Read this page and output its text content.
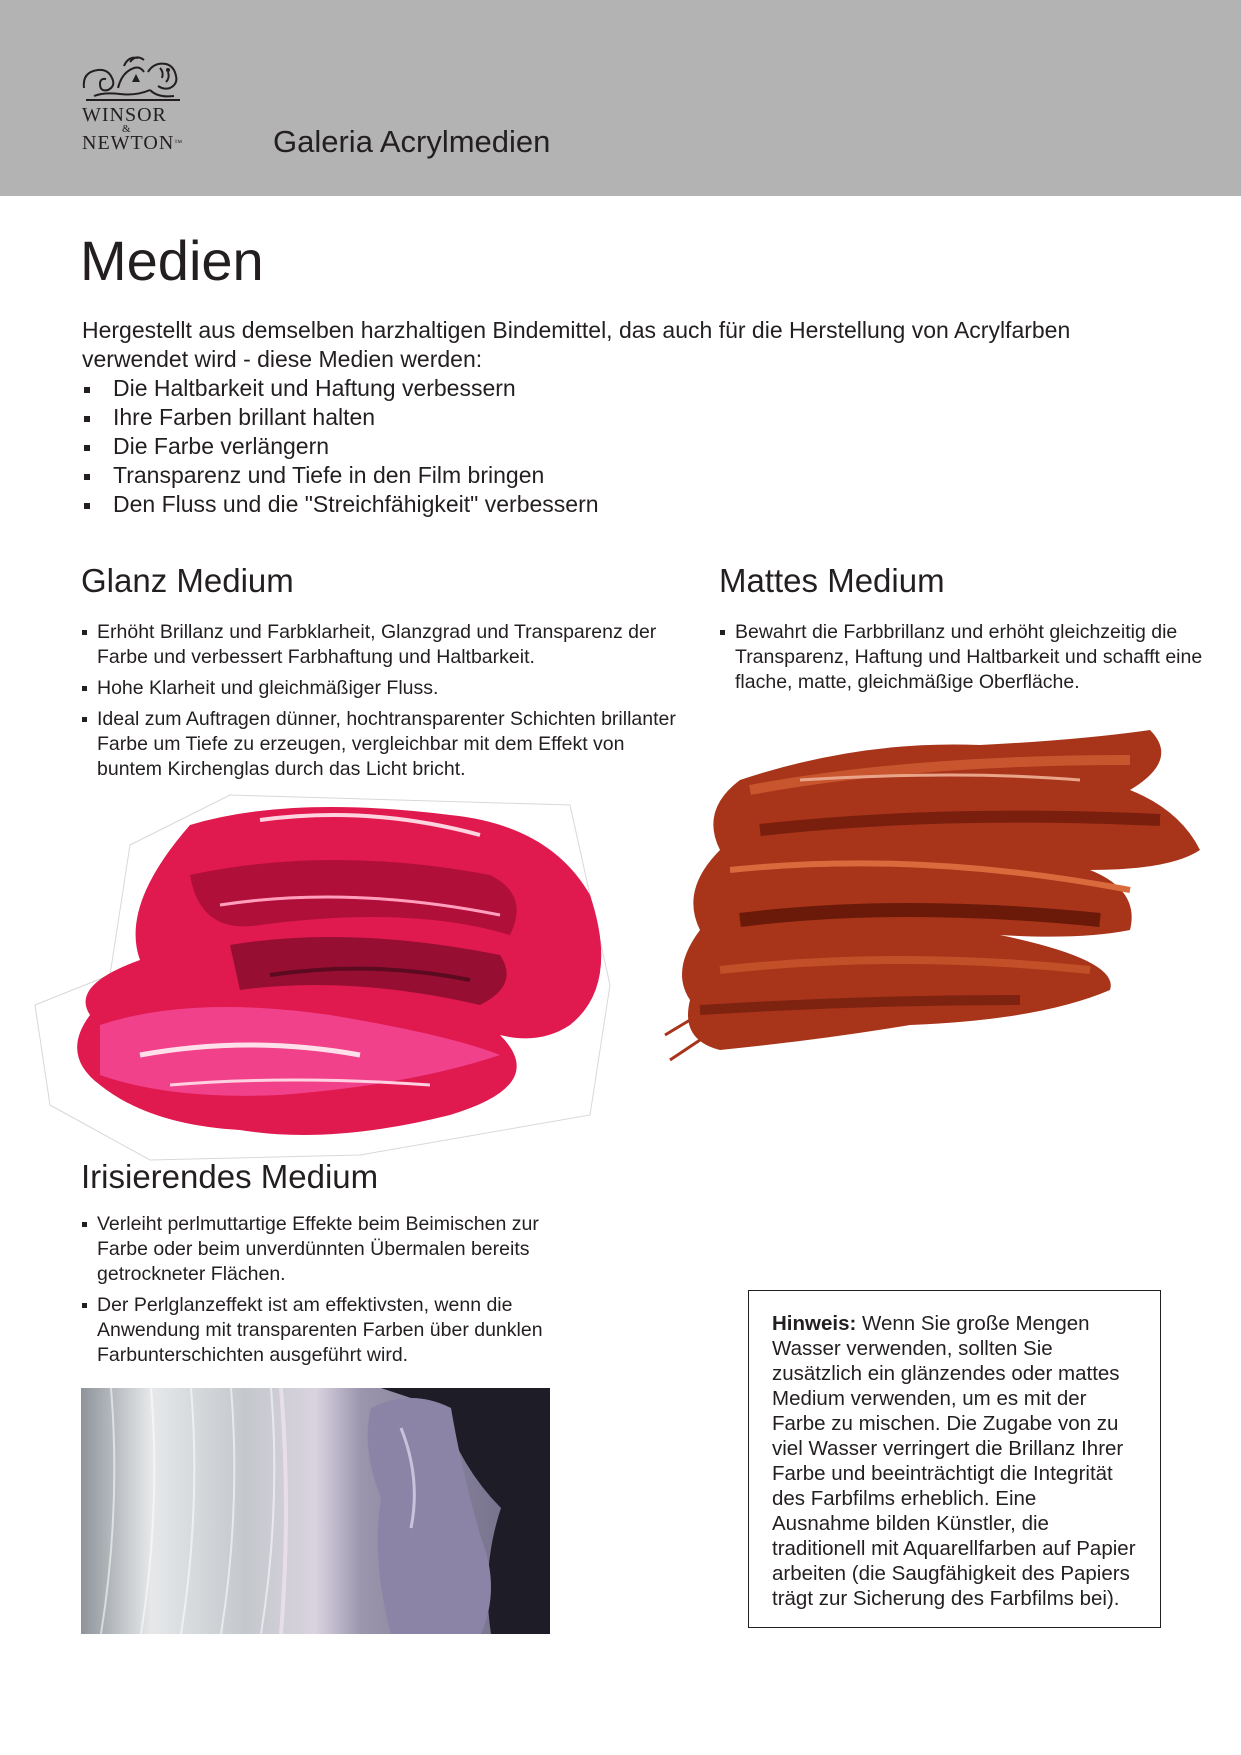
WINSOR
&
NEWTON™	Galeria Acrylmedien
Medien

Hergestellt aus demselben harzhaltigen Bindemittel, das auch für die Herstellung von Acrylfarben verwendet wird - diese Medien werden:

Die Haltbarkeit und Haftung verbessern
Ihre Farben brillant halten
Die Farbe verlängern
Transparenz und Tiefe in den Film bringen
Den Fluss und die "Streichfähigkeit" verbessern
Glanz Medium
Erhöht Brillanz und Farbklarheit, Glanzgrad und Transparenz der Farbe und verbessert Farbhaftung und Haltbarkeit.
Hohe Klarheit und gleichmäßiger Fluss.
Ideal zum Auftragen dünner, hochtransparenter Schichten brillanter Farbe um Tiefe zu erzeugen, vergleichbar mit dem Effekt von buntem Kirchenglas durch das Licht bricht.
Mattes Medium
Bewahrt die Farbbrillanz und erhöht gleichzeitig die Transparenz, Haftung und Haltbarkeit und schafft eine flache, matte, gleichmäßige Oberfläche.
Irisierendes Medium
Verleiht perlmuttartige Effekte beim Beimischen zur Farbe oder beim unverdünnten Übermalen bereits getrockneter Flächen.
Der Perlglanzeffekt ist am effektivsten, wenn die Anwendung mit transparenten Farben über dunklen Farbunterschichten ausgeführt wird.
Hinweis: Wenn Sie große Mengen Wasser verwenden, sollten Sie zusätzlich ein glänzendes oder mattes Medium verwenden, um es mit der Farbe zu mischen. Die Zugabe von zu viel Wasser verringert die Brillanz Ihrer Farbe und beeinträchtigt die Integrität des Farbfilms erheblich. Eine Ausnahme bilden Künstler, die traditionell mit Aquarellfarben auf Papier arbeiten (die Saugfähigkeit des Papiers trägt zur Sicherung des Farbfilms bei).
